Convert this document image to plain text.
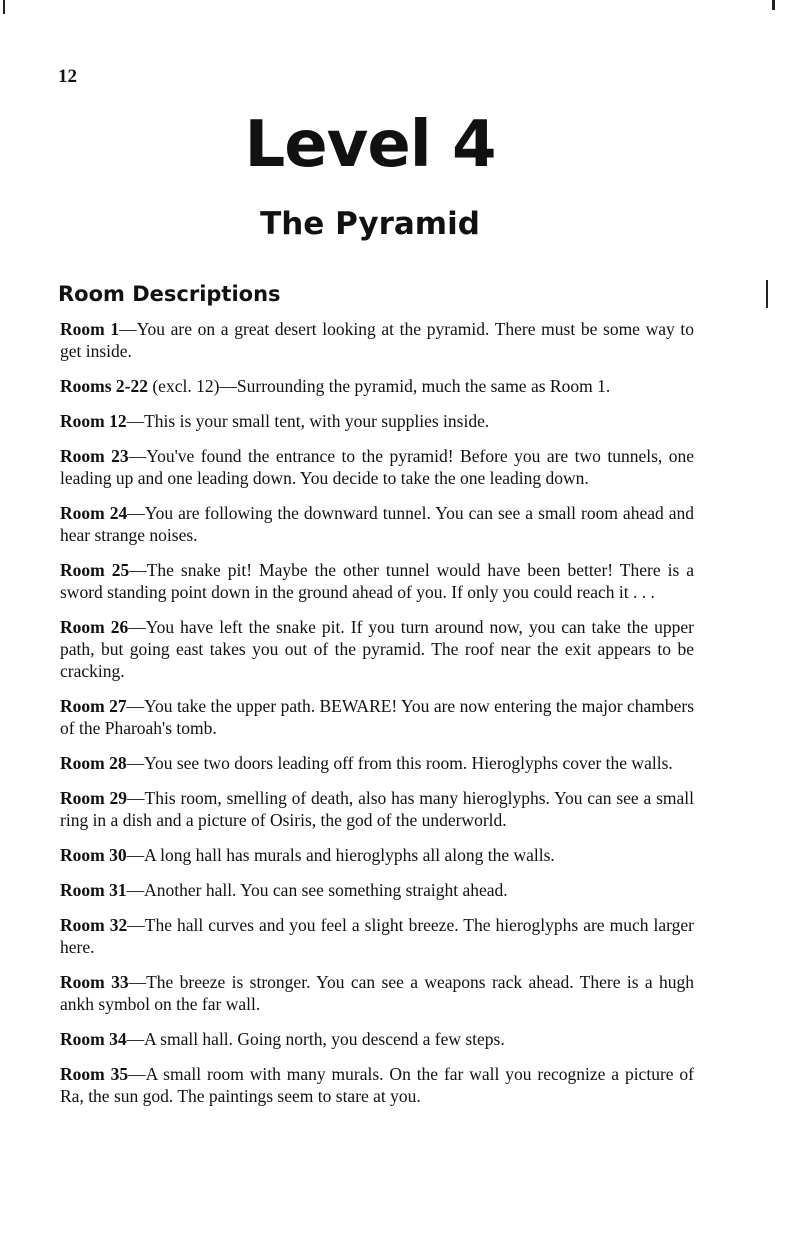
12
Level 4
The Pyramid
Room Descriptions

Room 1—You are on a great desert looking at the pyramid. There must be some way to get inside.

Rooms 2-22 (excl. 12)—Surrounding the pyramid, much the same as Room 1.

Room 12—This is your small tent, with your supplies inside.

Room 23—You've found the entrance to the pyramid! Before you are two tunnels, one leading up and one leading down. You decide to take the one leading down.

Room 24—You are following the downward tunnel. You can see a small room ahead and hear strange noises.

Room 25—The snake pit! Maybe the other tunnel would have been better! There is a sword standing point down in the ground ahead of you. If only you could reach it . . .

Room 26—You have left the snake pit. If you turn around now, you can take the upper path, but going east takes you out of the pyramid. The roof near the exit appears to be cracking.

Room 27—You take the upper path. BEWARE! You are now entering the major chambers of the Pharoah's tomb.

Room 28—You see two doors leading off from this room. Hieroglyphs cover the walls.

Room 29—This room, smelling of death, also has many hieroglyphs. You can see a small ring in a dish and a picture of Osiris, the god of the underworld.

Room 30—A long hall has murals and hieroglyphs all along the walls.

Room 31—Another hall. You can see something straight ahead.

Room 32—The hall curves and you feel a slight breeze. The hieroglyphs are much larger here.

Room 33—The breeze is stronger. You can see a weapons rack ahead. There is a hugh ankh symbol on the far wall.

Room 34—A small hall. Going north, you descend a few steps.

Room 35—A small room with many murals. On the far wall you recognize a picture of Ra, the sun god. The paintings seem to stare at you.
